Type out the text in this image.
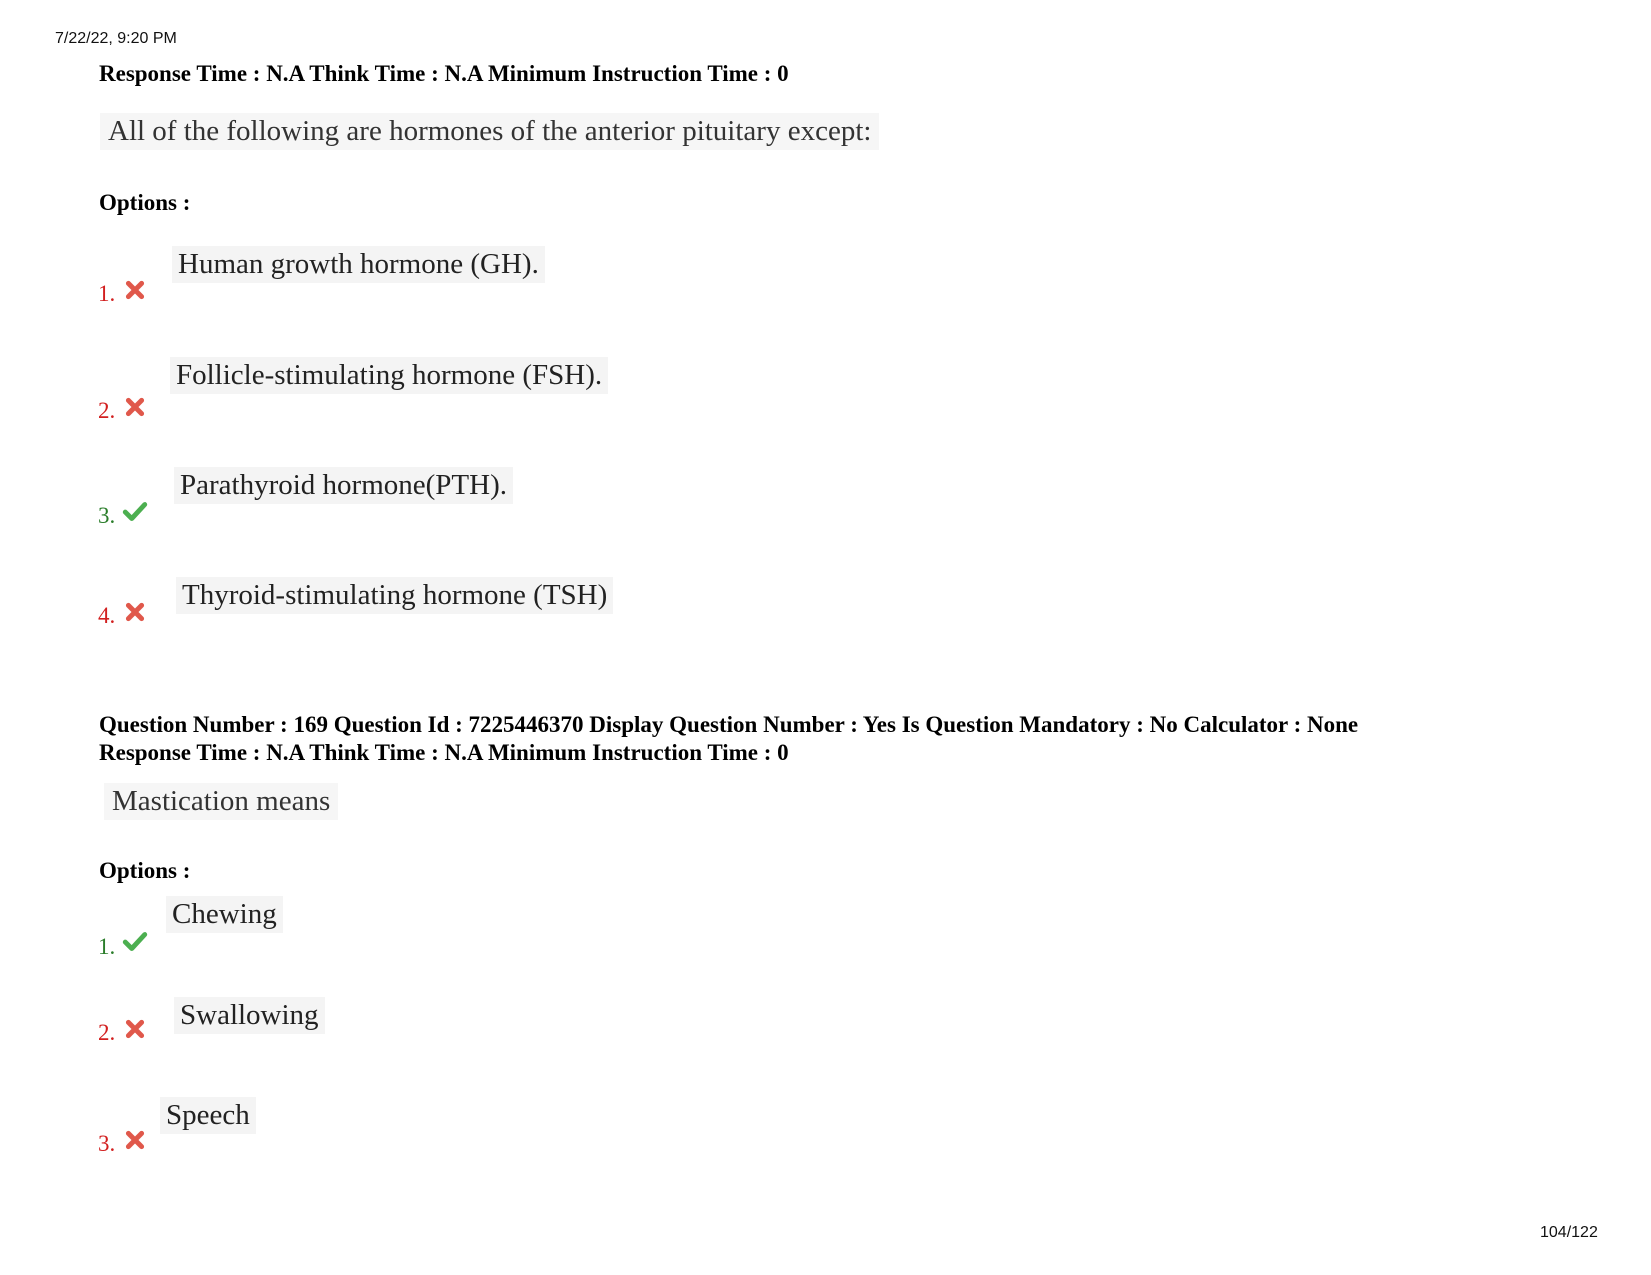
7/22/22, 9:20 PM
104/122
Response Time : N.A Think Time : N.A Minimum Instruction Time : 0
All of the following are hormones of the anterior pituitary except:
Options :
1.
Human growth hormone (GH).
2.
Follicle-stimulating hormone (FSH).
3.
Parathyroid hormone(PTH).
4.
Thyroid-stimulating hormone (TSH)
Question Number : 169 Question Id : 7225446370 Display Question Number : Yes Is Question Mandatory : No Calculator : None
Response Time : N.A Think Time : N.A Minimum Instruction Time : 0
Mastication means
Options :
1.
Chewing
2.
Swallowing
3.
Speech
